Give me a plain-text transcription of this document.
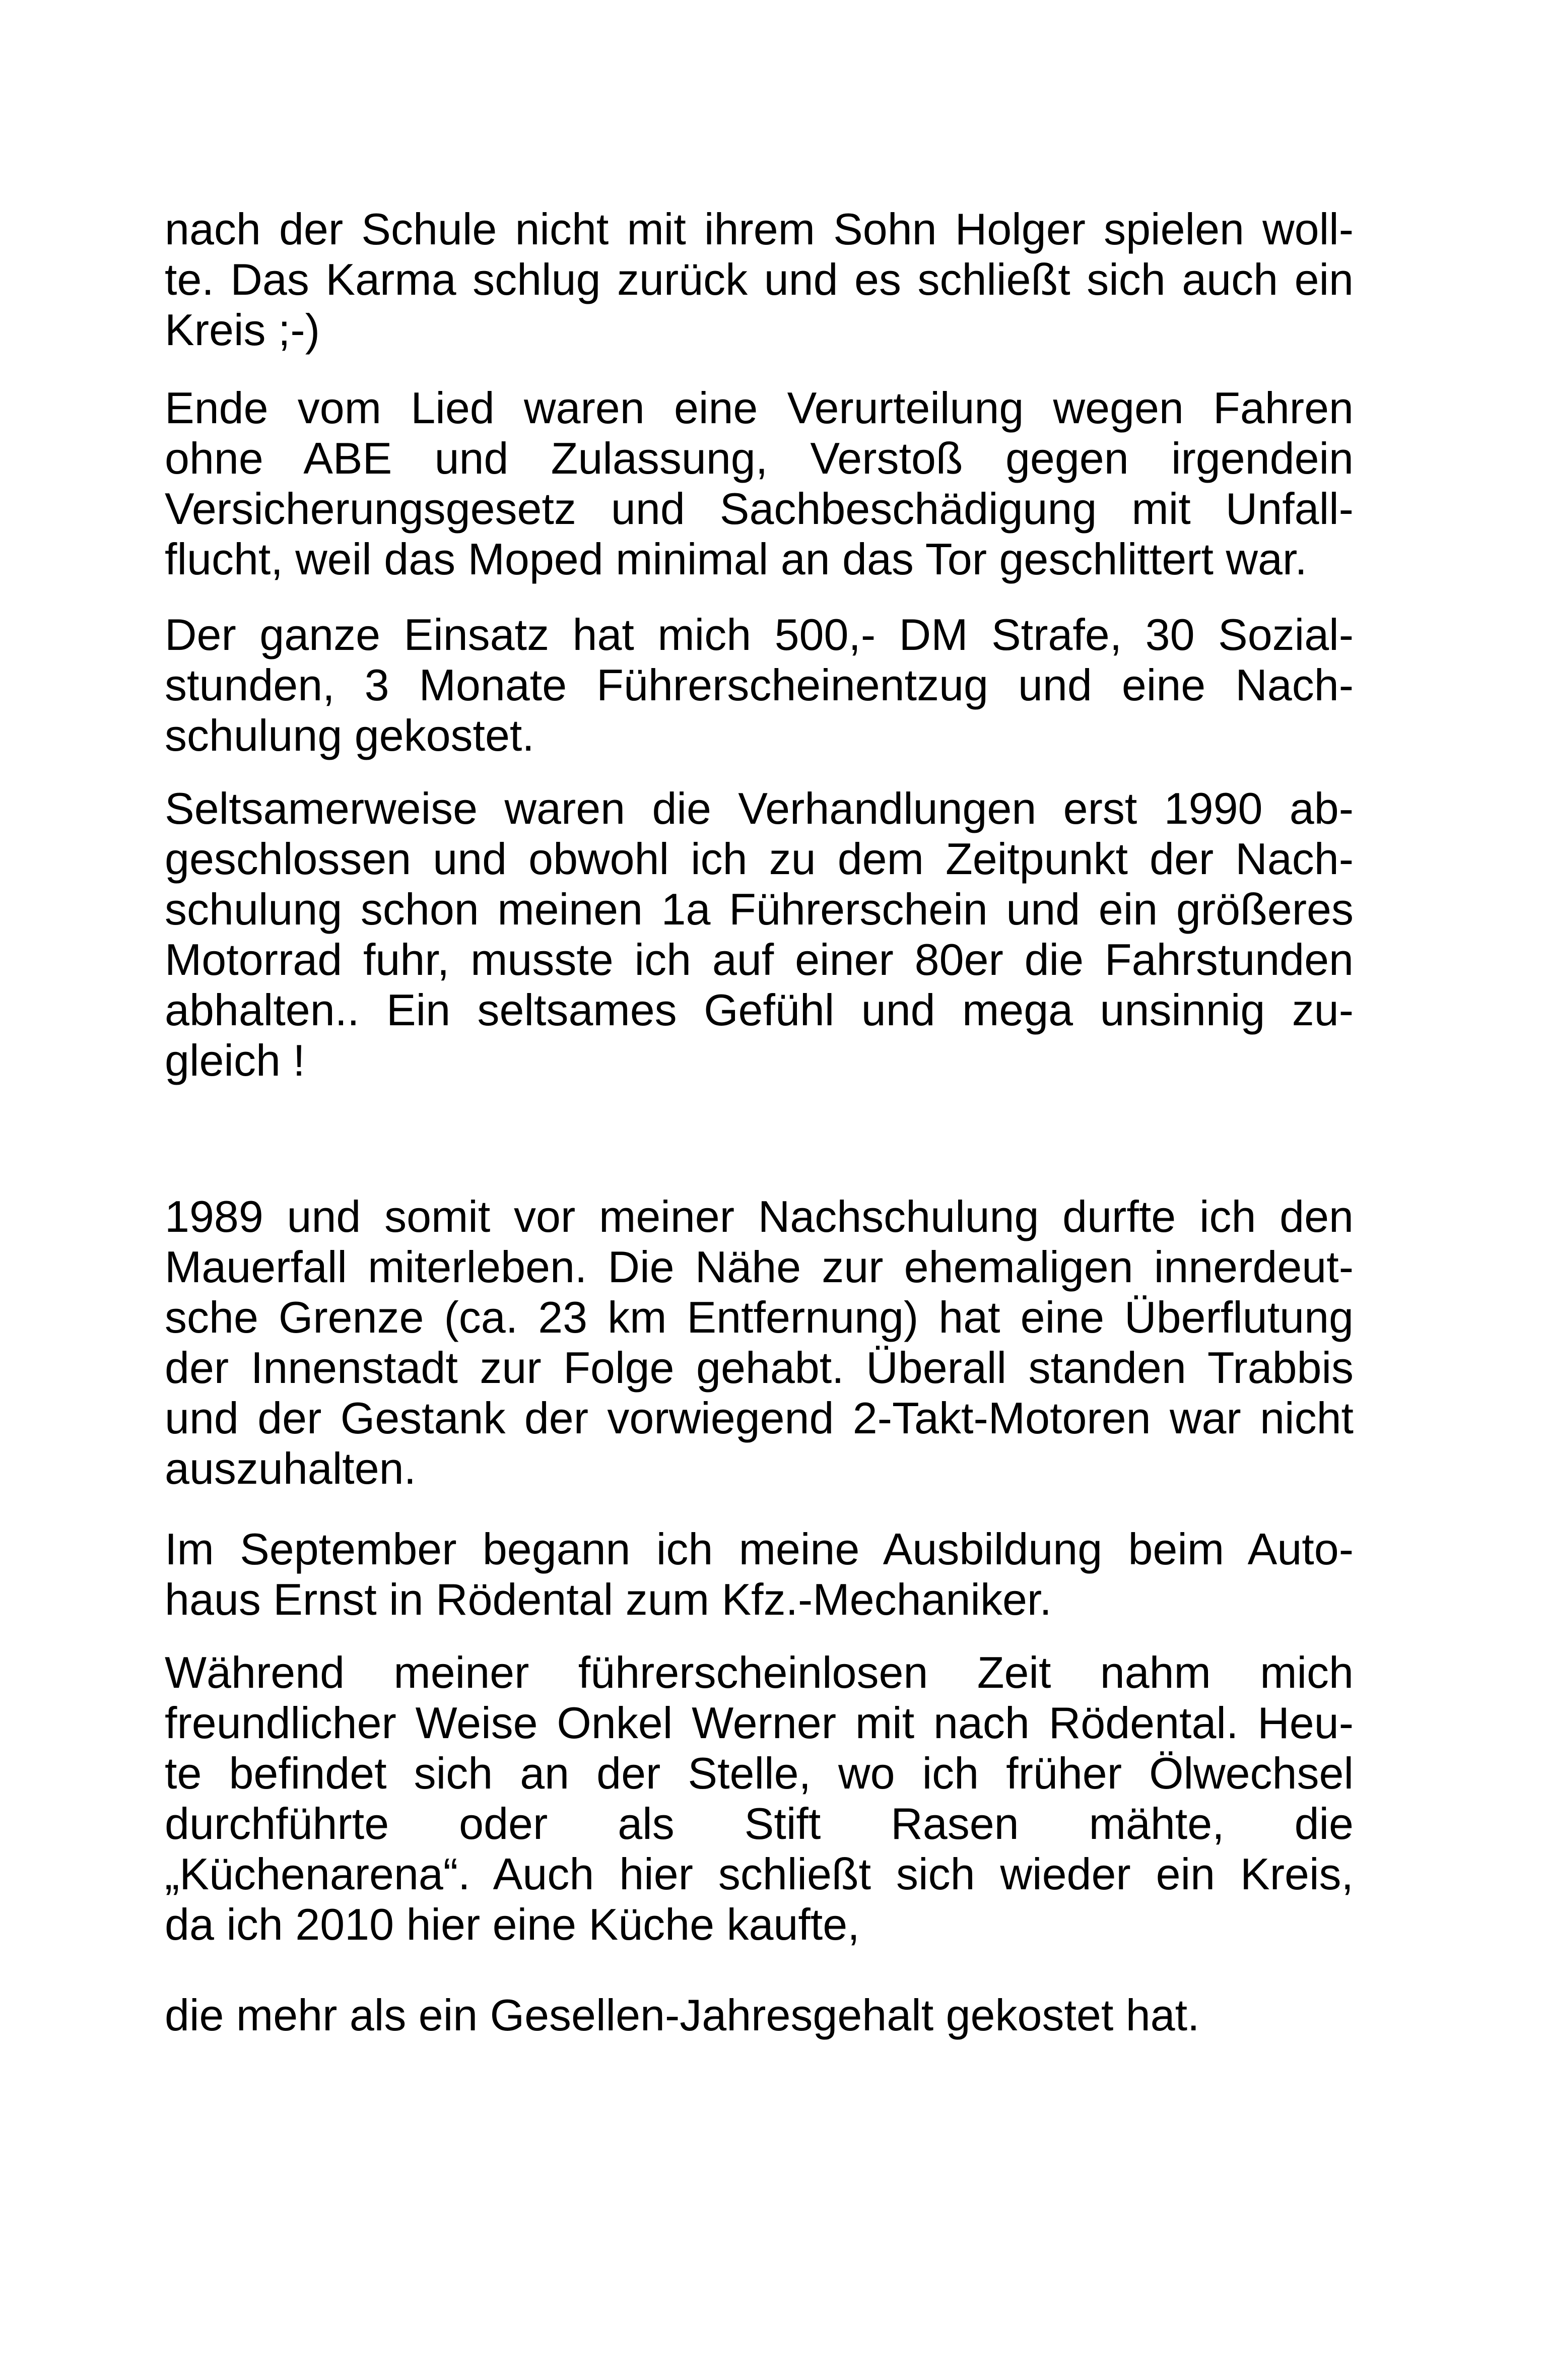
nach der Schule nicht mit ihrem Sohn Holger spielen woll-
te. Das Karma schlug zurück und es schließt sich auch ein
Kreis ;-)
Ende vom Lied waren eine Verurteilung wegen Fahren
ohne ABE und Zulassung, Verstoß gegen irgendein
Versicherungsgesetz und Sachbeschädigung mit Unfall-
flucht, weil das Moped minimal an das Tor geschlittert war.
Der ganze Einsatz hat mich 500,- DM Strafe, 30 Sozial-
stunden, 3 Monate Führerscheinentzug und eine Nach-
schulung gekostet.
Seltsamerweise waren die Verhandlungen erst 1990 ab-
geschlossen und obwohl ich zu dem Zeitpunkt der Nach-
schulung schon meinen 1a Führerschein und ein größeres
Motorrad fuhr, musste ich auf einer 80er die Fahrstunden
abhalten.. Ein seltsames Gefühl und mega unsinnig zu-
gleich !
1989 und somit vor meiner Nachschulung durfte ich den
Mauerfall miterleben. Die Nähe zur ehemaligen innerdeut-
sche Grenze (ca. 23 km Entfernung) hat eine Überflutung
der Innenstadt zur Folge gehabt. Überall standen Trabbis
und der Gestank der vorwiegend 2-Takt-Motoren war nicht
auszuhalten.
Im September begann ich meine Ausbildung beim Auto-
haus Ernst in Rödental zum Kfz.-Mechaniker.
Während meiner führerscheinlosen Zeit nahm mich
freundlicher Weise Onkel Werner mit nach Rödental. Heu-
te befindet sich an der Stelle, wo ich früher Ölwechsel
durchführte oder als Stift Rasen mähte, die
„Küchenarena“. Auch hier schließt sich wieder ein Kreis,
da ich 2010 hier eine Küche kaufte,
die mehr als ein Gesellen-Jahresgehalt gekostet hat.
